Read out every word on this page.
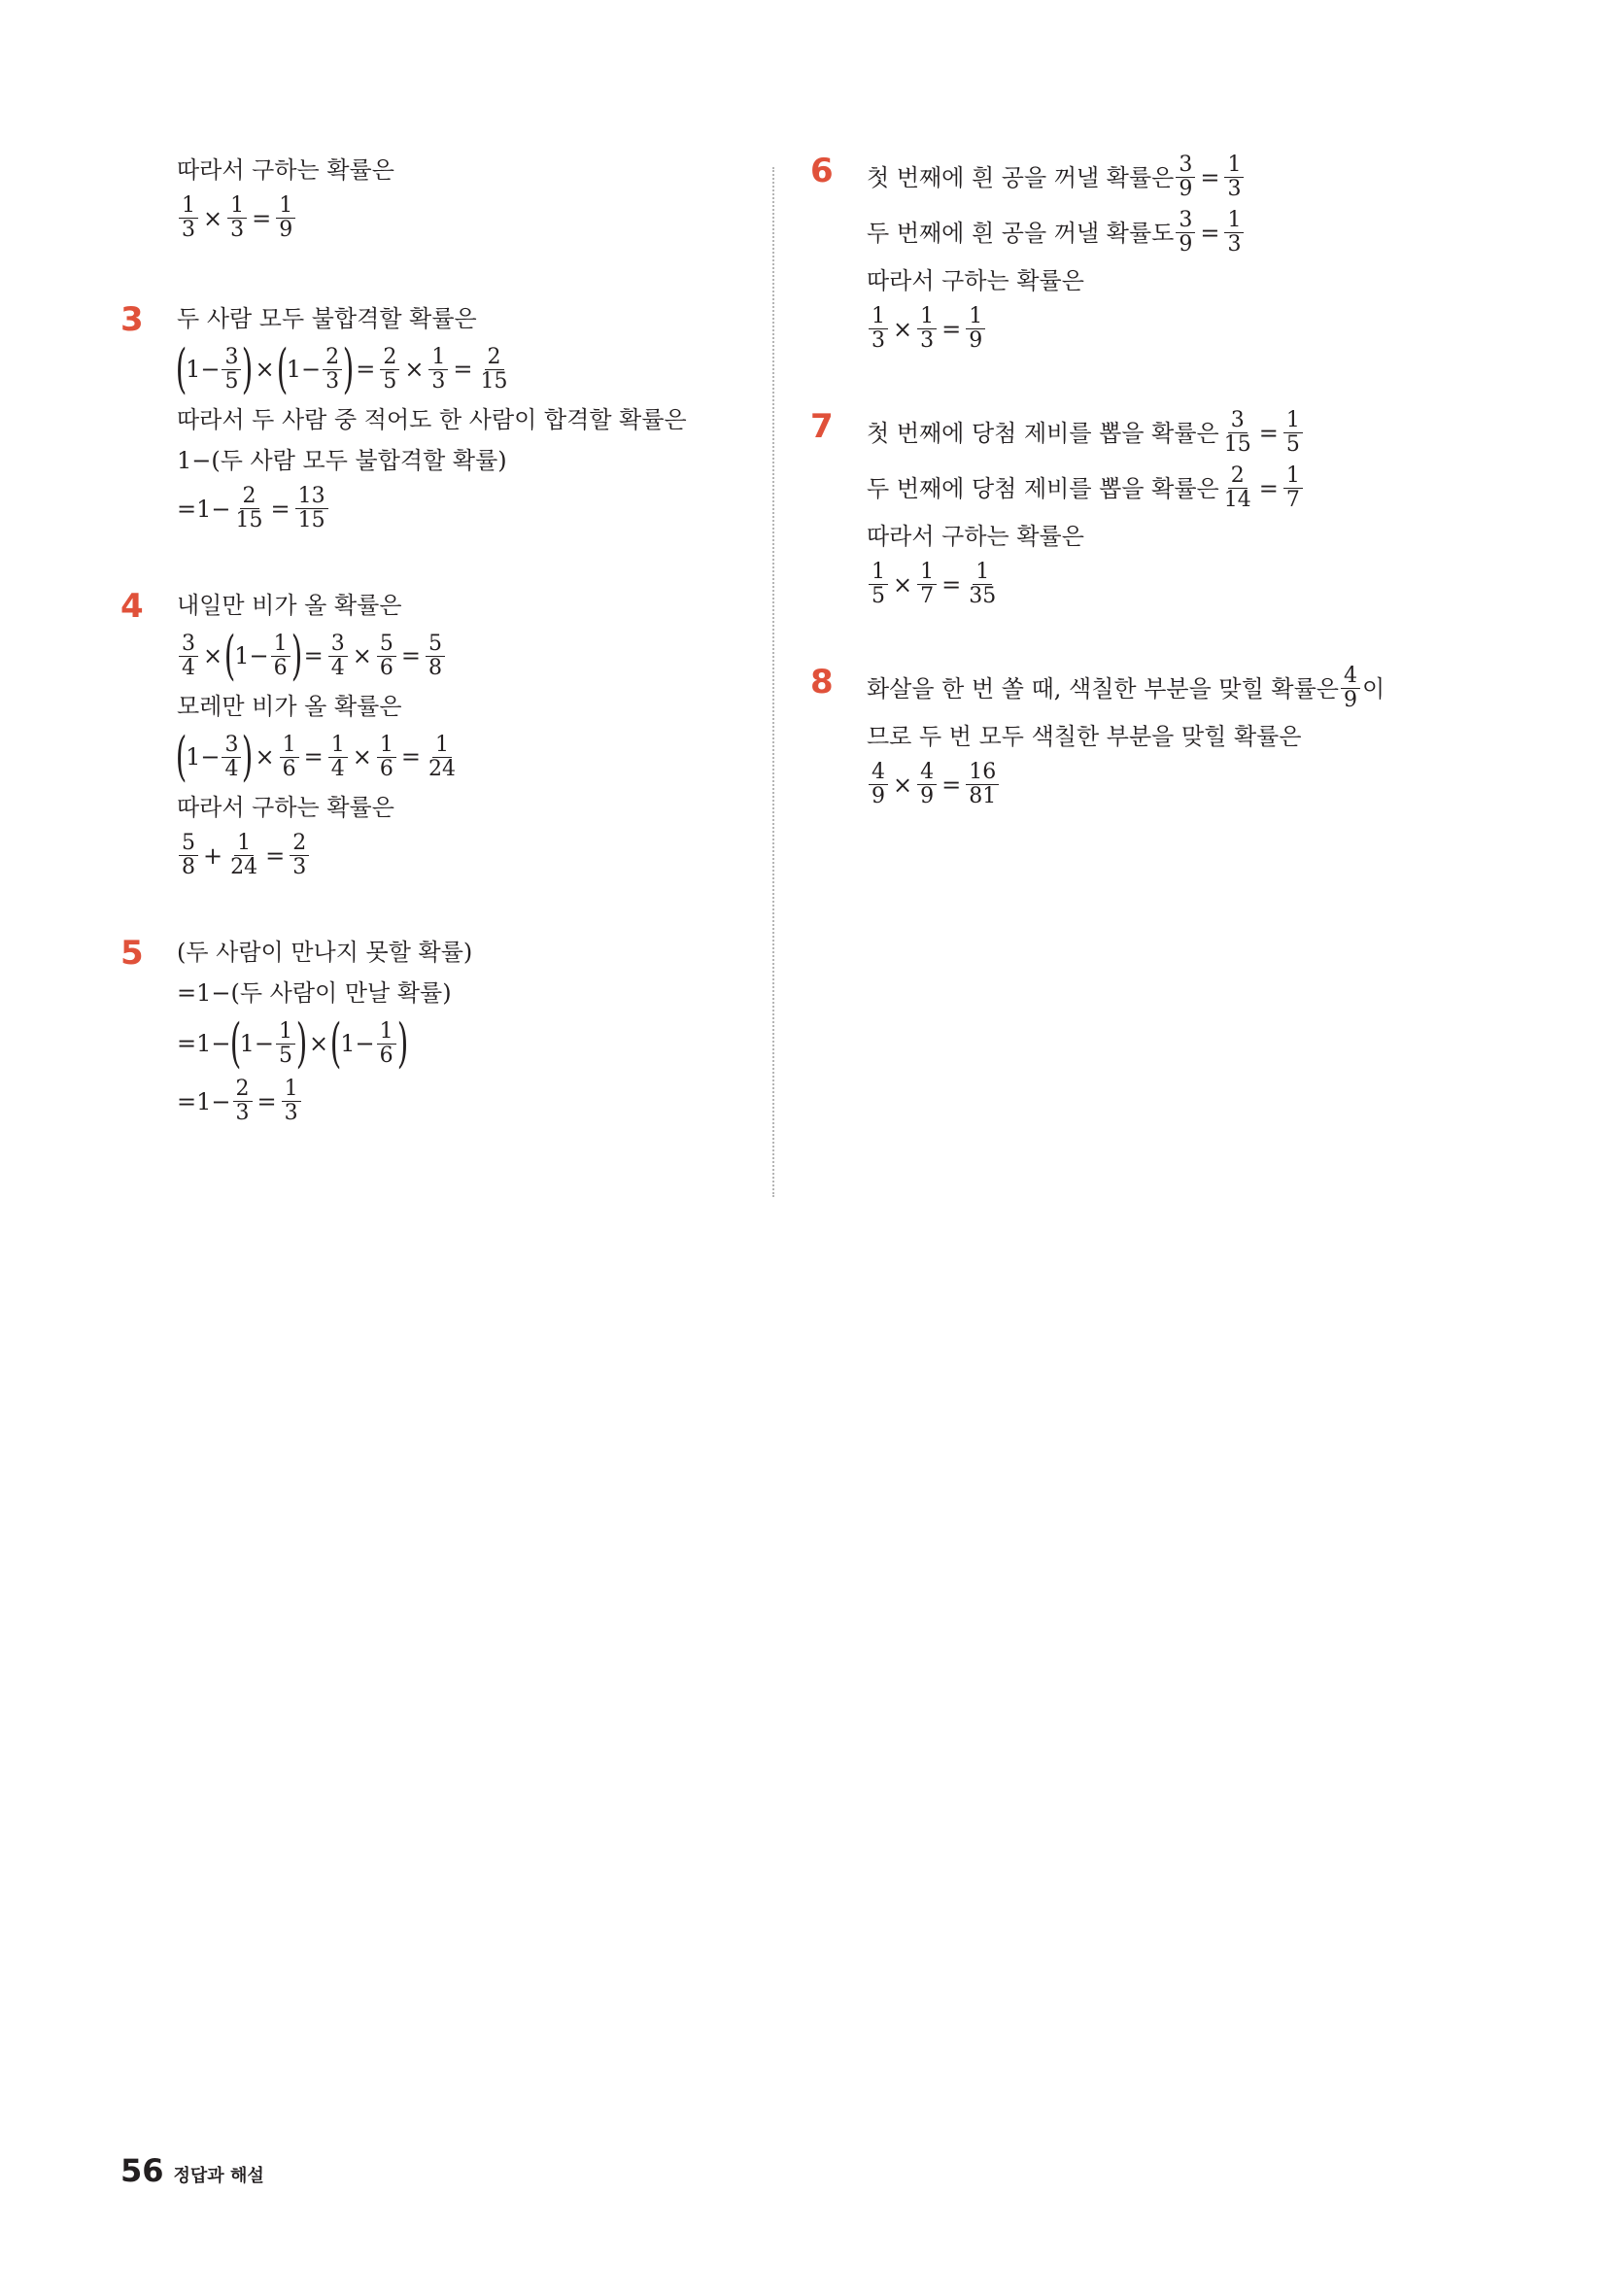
따라서 구하는 확률은
$\frac{1}{3} \times \frac{1}{3} = \frac{1}{9}$
3 두 사람 모두 불합격할 확률은
(
$1- \frac{3}{5}$ ) × (
$1- \frac{2}{3}$ ) = $\frac{2}{5} \times \frac{1}{3} = \frac{2}{15}$
따라서 두 사람 중 적어도 한 사람이 합격할 확률은
1−(두 사람 모두 불합격할 확률)
$=1- \frac{2}{15} = \frac{13}{15}$
4 내일만 비가 올 확률은
$\frac{3}{4}$ × (
$1- \frac{1}{6}$ ) = $\frac{3}{4} \times \frac{5}{6} = \frac{5}{8}$
모레만 비가 올 확률은
(
$1- \frac{3}{4}$ ) × $\frac{1}{6} = \frac{1}{4} \times \frac{1}{6} = \frac{1}{24}$
따라서 구하는 확률은
$\frac{5}{8} + \frac{1}{24} = \frac{2}{3}$
5 (두 사람이 만나지 못할 확률)
=1−(두 사람이 만날 확률)
=1−
(
$1- \frac{1}{5}$ ) × (
$1- \frac{1}{6}$ )
$=1- \frac{2}{3} = \frac{1}{3}$
6 첫 번째에 흰 공을 꺼낼 확률은 $\frac{3}{9} = \frac{1}{3}$
두 번째에 흰 공을 꺼낼 확률도 $\frac{3}{9} = \frac{1}{3}$
따라서 구하는 확률은
$\frac{1}{3} \times \frac{1}{3} = \frac{1}{9}$
7 첫 번째에 당첨 제비를 뽑을 확률은 $\frac{3}{15} = \frac{1}{5}$
두 번째에 당첨 제비를 뽑을 확률은 $\frac{2}{14} = \frac{1}{7}$
따라서 구하는 확률은
$\frac{1}{5} \times \frac{1}{7} = \frac{1}{35}$
8 화살을 한 번 쏠 때, 색칠한 부분을 맞힐 확률은 $\frac{4}{9}$ 이
므로 두 번 모두 색칠한 부분을 맞힐 확률은
$\frac{4}{9} \times \frac{4}{9} = \frac{16}{81}$
56 정답과 해설
